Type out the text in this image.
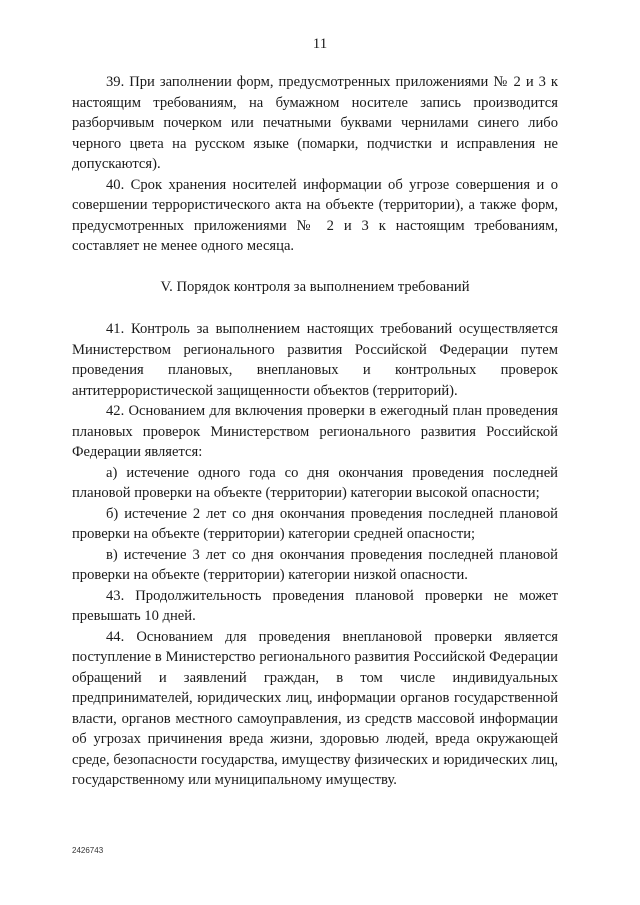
11

39. При заполнении форм, предусмотренных приложениями № 2 и 3 к настоящим требованиям, на бумажном носителе запись производится разборчивым почерком или печатными буквами чернилами синего либо черного цвета на русском языке (помарки, подчистки и исправления не допускаются).

40. Срок хранения носителей информации об угрозе совершения и о совершении террористического акта на объекте (территории), а также форм, предусмотренных приложениями № 2 и 3 к настоящим требованиям, составляет не менее одного месяца.

V. Порядок контроля за выполнением требований

41. Контроль за выполнением настоящих требований осуществляется Министерством регионального развития Российской Федерации путем проведения плановых, внеплановых и контрольных проверок антитеррористической защищенности объектов (территорий).

42. Основанием для включения проверки в ежегодный план проведения плановых проверок Министерством регионального развития Российской Федерации является:

а) истечение одного года со дня окончания проведения последней плановой проверки на объекте (территории) категории высокой опасности;

б) истечение 2 лет со дня окончания проведения последней плановой проверки на объекте (территории) категории средней опасности;

в) истечение 3 лет со дня окончания проведения последней плановой проверки на объекте (территории) категории низкой опасности.

43. Продолжительность проведения плановой проверки не может превышать 10 дней.

44. Основанием для проведения внеплановой проверки является поступление в Министерство регионального развития Российской Федерации обращений и заявлений граждан, в том числе индивидуальных предпринимателей, юридических лиц, информации органов государственной власти, органов местного самоуправления, из средств массовой информации об угрозах причинения вреда жизни, здоровью людей, вреда окружающей среде, безопасности государства, имуществу физических и юридических лиц, государственному или муниципальному имуществу.

2426743
